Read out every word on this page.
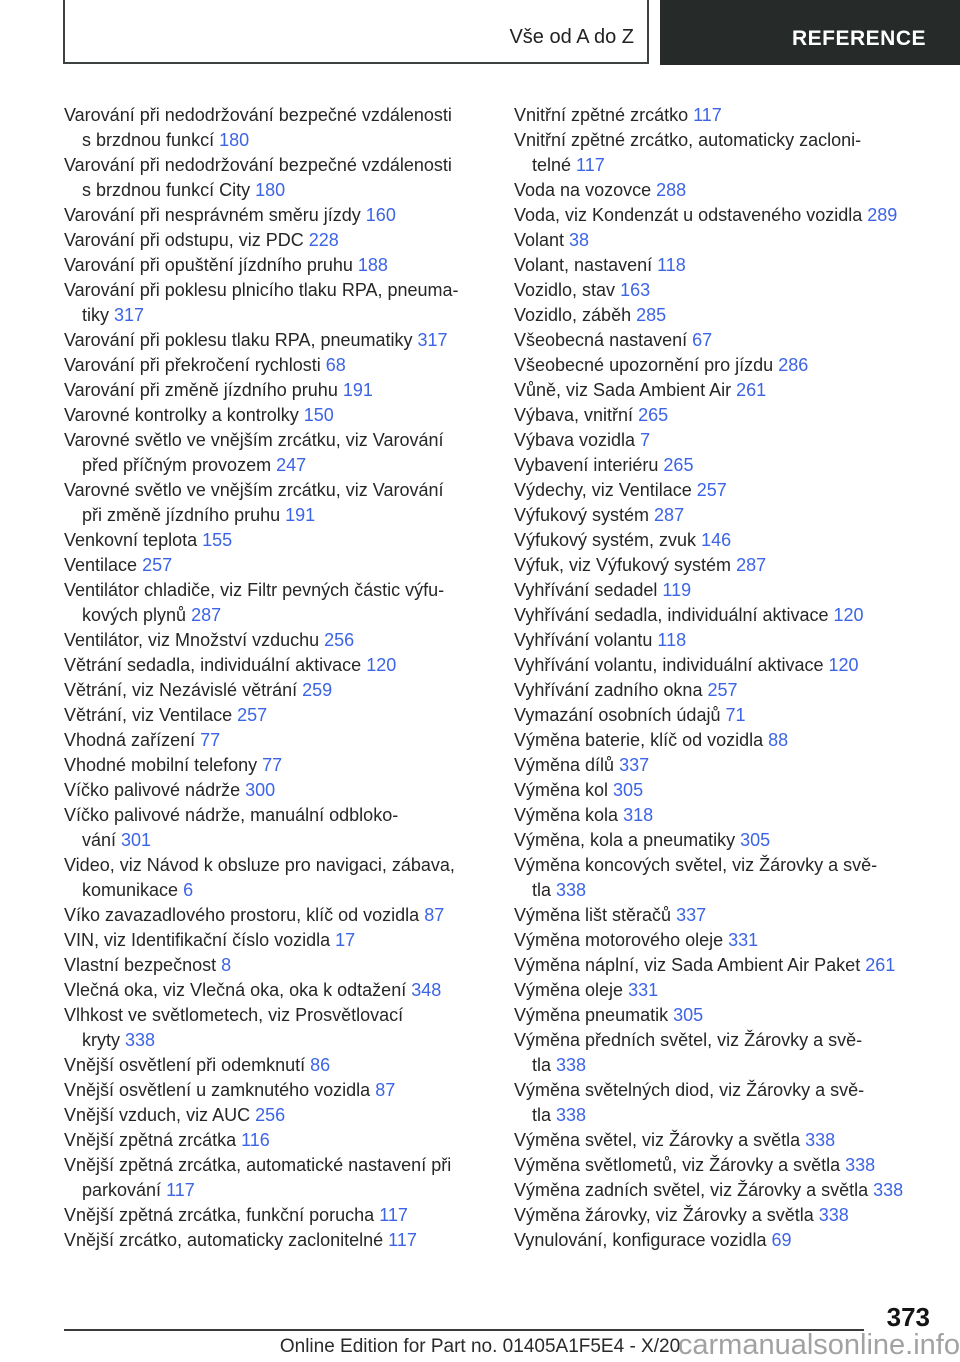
Vše od A do Z	REFERENCE
Varování při nedodržování bezpečné vzdálenosti
s brzdnou funkcí 180
Varování při nedodržování bezpečné vzdálenosti
s brzdnou funkcí City 180
Varování při nesprávném směru jízdy 160
Varování při odstupu, viz PDC 228
Varování při opuštění jízdního pruhu 188
Varování při poklesu plnicího tlaku RPA, pneuma-
tiky 317
Varování při poklesu tlaku RPA, pneumatiky 317
Varování při překročení rychlosti 68
Varování při změně jízdního pruhu 191
Varovné kontrolky a kontrolky 150
Varovné světlo ve vnějším zrcátku, viz Varování
před příčným provozem 247
Varovné světlo ve vnějším zrcátku, viz Varování
při změně jízdního pruhu 191
Venkovní teplota 155
Ventilace 257
Ventilátor chladiče, viz Filtr pevných částic výfu-
kových plynů 287
Ventilátor, viz Množství vzduchu 256
Větrání sedadla, individuální aktivace 120
Větrání, viz Nezávislé větrání 259
Větrání, viz Ventilace 257
Vhodná zařízení 77
Vhodné mobilní telefony 77
Víčko palivové nádrže 300
Víčko palivové nádrže, manuální odbloko-
vání 301
Video, viz Návod k obsluze pro navigaci, zábava,
komunikace 6
Víko zavazadlového prostoru, klíč od vozidla 87
VIN, viz Identifikační číslo vozidla 17
Vlastní bezpečnost 8
Vlečná oka, viz Vlečná oka, oka k odtažení 348
Vlhkost ve světlometech, viz Prosvětlovací
kryty 338
Vnější osvětlení při odemknutí 86
Vnější osvětlení u zamknutého vozidla 87
Vnější vzduch, viz AUC 256
Vnější zpětná zrcátka 116
Vnější zpětná zrcátka, automatické nastavení při
parkování 117
Vnější zpětná zrcátka, funkční porucha 117
Vnější zrcátko, automaticky zaclonitelné 117
Vnitřní zpětné zrcátko 117
Vnitřní zpětné zrcátko, automaticky zacloni-
telné 117
Voda na vozovce 288
Voda, viz Kondenzát u odstaveného vozidla 289
Volant 38
Volant, nastavení 118
Vozidlo, stav 163
Vozidlo, záběh 285
Všeobecná nastavení 67
Všeobecné upozornění pro jízdu 286
Vůně, viz Sada Ambient Air 261
Výbava, vnitřní 265
Výbava vozidla 7
Vybavení interiéru 265
Výdechy, viz Ventilace 257
Výfukový systém 287
Výfukový systém, zvuk 146
Výfuk, viz Výfukový systém 287
Vyhřívání sedadel 119
Vyhřívání sedadla, individuální aktivace 120
Vyhřívání volantu 118
Vyhřívání volantu, individuální aktivace 120
Vyhřívání zadního okna 257
Vymazání osobních údajů 71
Výměna baterie, klíč od vozidla 88
Výměna dílů 337
Výměna kol 305
Výměna kola 318
Výměna, kola a pneumatiky 305
Výměna koncových světel, viz Žárovky a svě-
tla 338
Výměna lišt stěračů 337
Výměna motorového oleje 331
Výměna náplní, viz Sada Ambient Air Paket 261
Výměna oleje 331
Výměna pneumatik 305
Výměna předních světel, viz Žárovky a svě-
tla 338
Výměna světelných diod, viz Žárovky a svě-
tla 338
Výměna světel, viz Žárovky a světla 338
Výměna světlometů, viz Žárovky a světla 338
Výměna zadních světel, viz Žárovky a světla 338
Výměna žárovky, viz Žárovky a světla 338
Vynulování, konfigurace vozidla 69
373
Online Edition for Part no. 01405A1F5E4 - X/20
carmanualsonline.info
